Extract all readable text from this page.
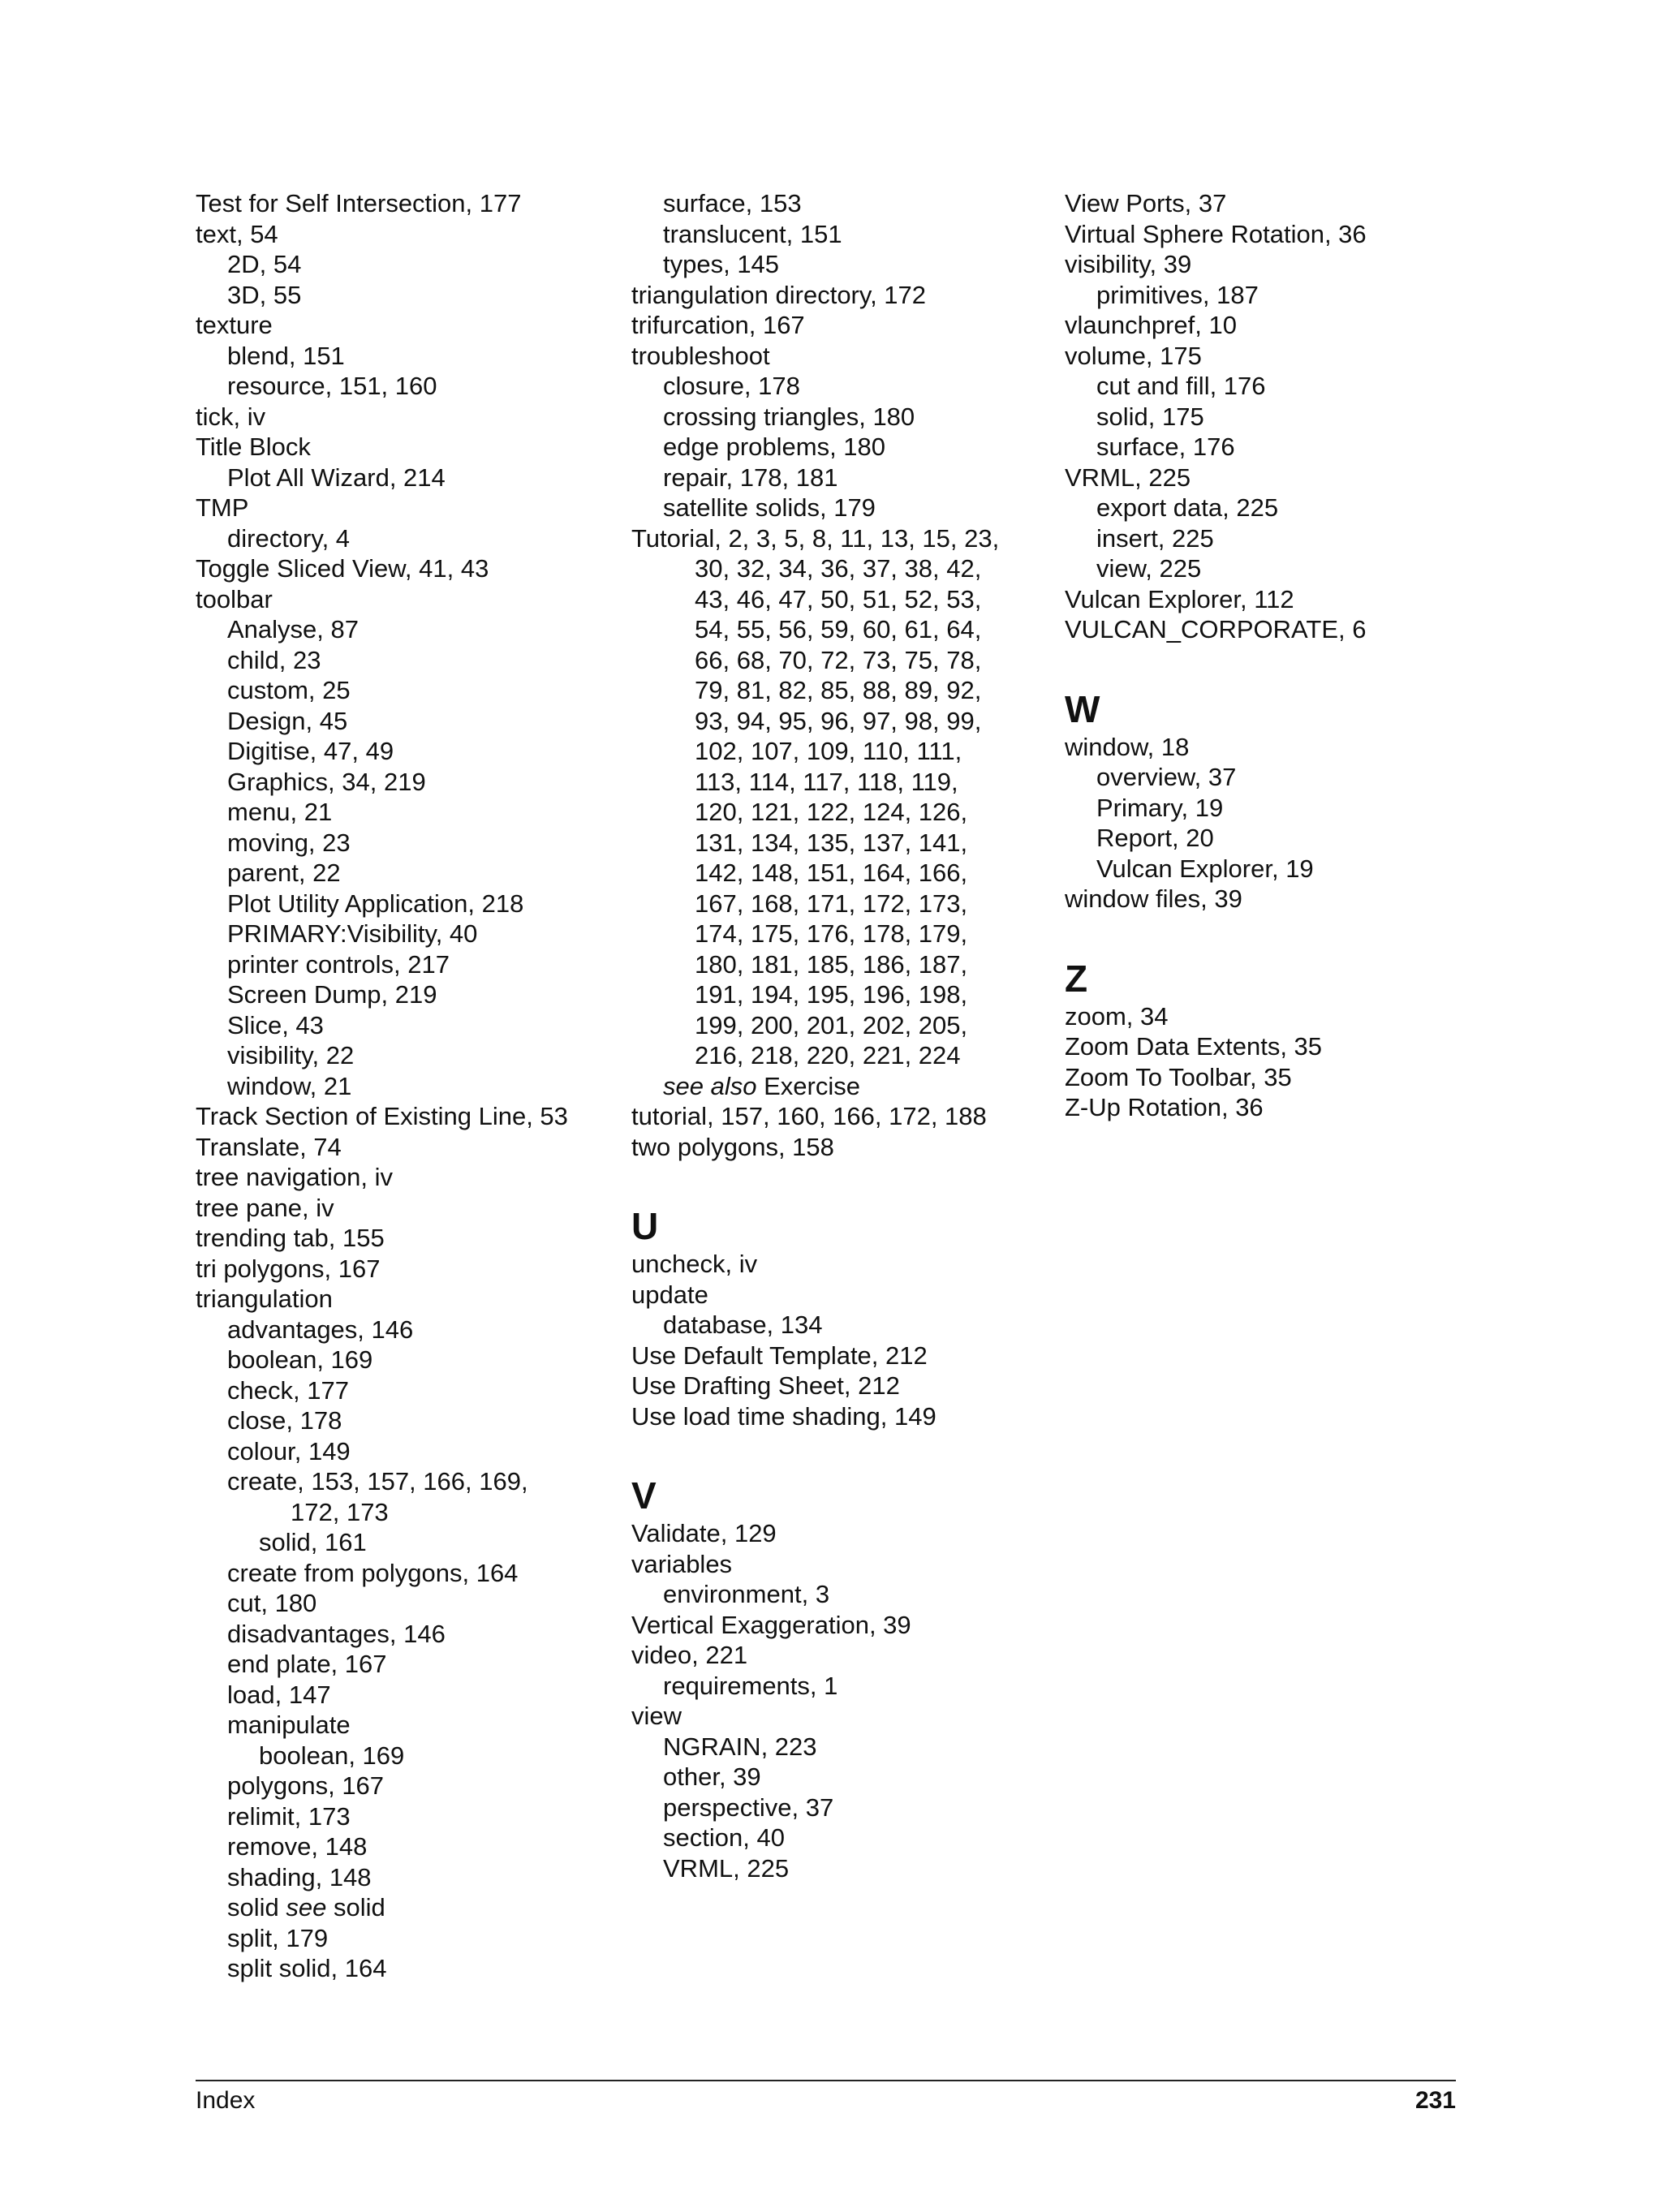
Test for Self Intersection, 177
text, 54
2D, 54
3D, 55
texture
blend, 151
resource, 151, 160
tick, iv
Title Block
Plot All Wizard, 214
TMP
directory, 4
Toggle Sliced View, 41, 43
toolbar
Analyse, 87
child, 23
custom, 25
Design, 45
Digitise, 47, 49
Graphics, 34, 219
menu, 21
moving, 23
parent, 22
Plot Utility Application, 218
PRIMARY:Visibility, 40
printer controls, 217
Screen Dump, 219
Slice, 43
visibility, 22
window, 21
Track Section of Existing Line, 53
Translate, 74
tree navigation, iv
tree pane, iv
trending tab, 155
tri polygons, 167
triangulation
advantages, 146
boolean, 169
check, 177
close, 178
colour, 149
create, 153, 157, 166, 169,
172, 173
solid, 161
create from polygons, 164
cut, 180
disadvantages, 146
end plate, 167
load, 147
manipulate
boolean, 169
polygons, 167
relimit, 173
remove, 148
shading, 148
solid see solid
split, 179
split solid, 164
surface, 153
translucent, 151
types, 145
triangulation directory, 172
trifurcation, 167
troubleshoot
closure, 178
crossing triangles, 180
edge problems, 180
repair, 178, 181
satellite solids, 179
Tutorial, 2, 3, 5, 8, 11, 13, 15, 23,
30, 32, 34, 36, 37, 38, 42,
43, 46, 47, 50, 51, 52, 53,
54, 55, 56, 59, 60, 61, 64,
66, 68, 70, 72, 73, 75, 78,
79, 81, 82, 85, 88, 89, 92,
93, 94, 95, 96, 97, 98, 99,
102, 107, 109, 110, 111,
113, 114, 117, 118, 119,
120, 121, 122, 124, 126,
131, 134, 135, 137, 141,
142, 148, 151, 164, 166,
167, 168, 171, 172, 173,
174, 175, 176, 178, 179,
180, 181, 185, 186, 187,
191, 194, 195, 196, 198,
199, 200, 201, 202, 205,
216, 218, 220, 221, 224
see also Exercise
tutorial, 157, 160, 166, 172, 188
two polygons, 158
U
uncheck, iv
update
database, 134
Use Default Template, 212
Use Drafting Sheet, 212
Use load time shading, 149
V
Validate, 129
variables
environment, 3
Vertical Exaggeration, 39
video, 221
requirements, 1
view
NGRAIN, 223
other, 39
perspective, 37
section, 40
VRML, 225
View Ports, 37
Virtual Sphere Rotation, 36
visibility, 39
primitives, 187
vlaunchpref, 10
volume, 175
cut and fill, 176
solid, 175
surface, 176
VRML, 225
export data, 225
insert, 225
view, 225
Vulcan Explorer, 112
VULCAN_CORPORATE, 6
W
window, 18
overview, 37
Primary, 19
Report, 20
Vulcan Explorer, 19
window files, 39
Z
zoom, 34
Zoom Data Extents, 35
Zoom To Toolbar, 35
Z-Up Rotation, 36
Index	231
